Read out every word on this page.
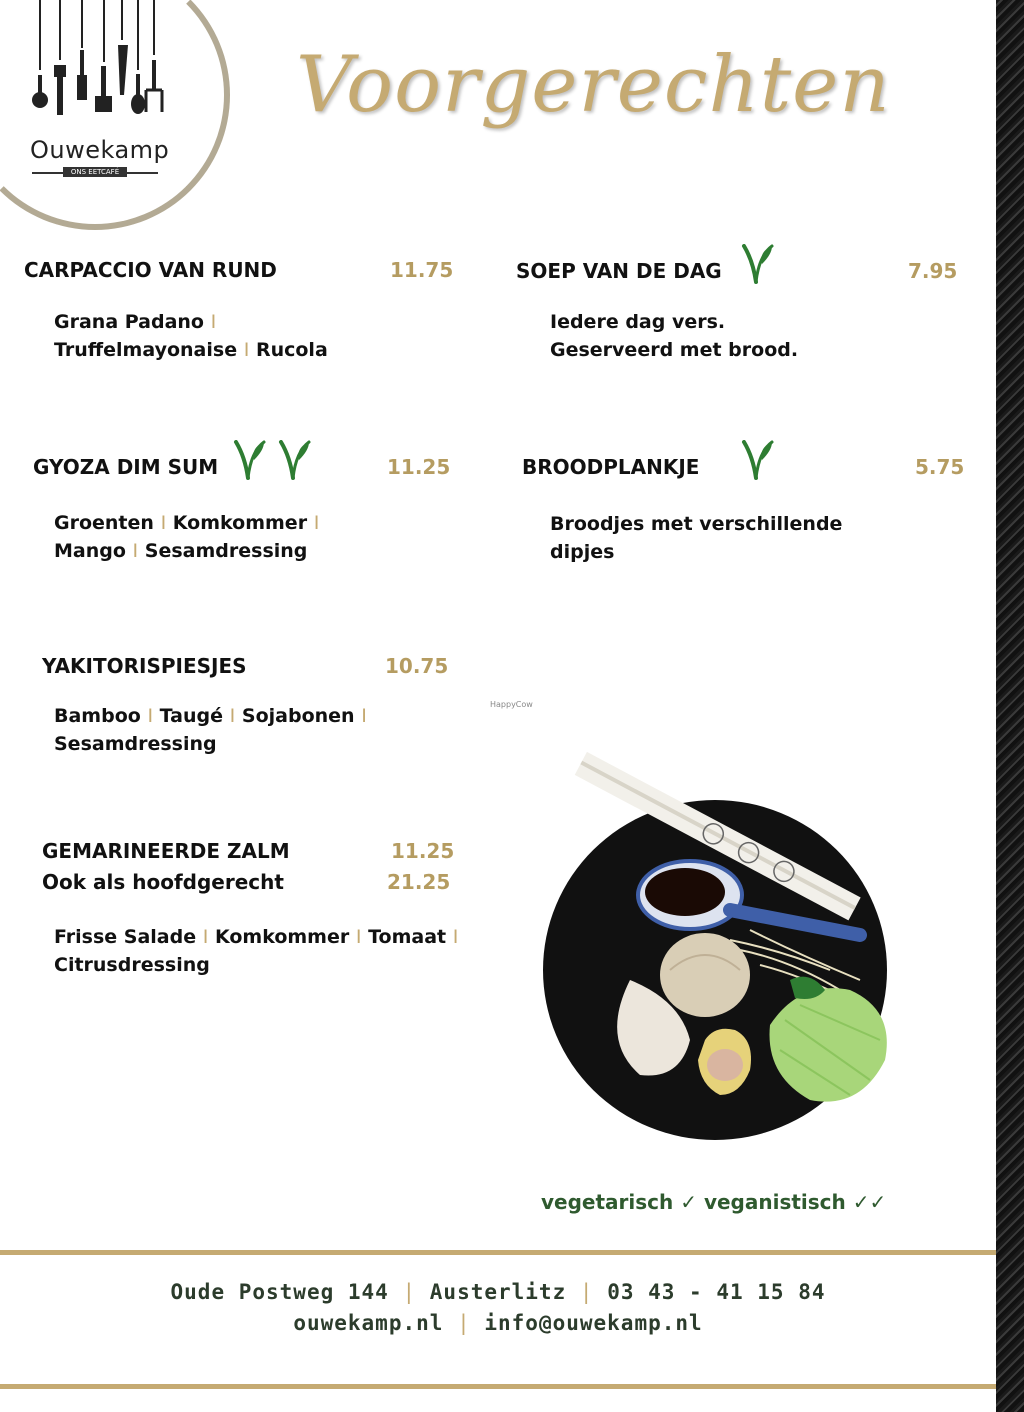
Ouwekamp
ONS EETCAFÉ
Voorgerechten
CARPACCIO VAN RUND	11.75
Grana Padano I
Truffelmayonaise I Rucola
SOEP VAN DE DAG	7.95
Iedere dag vers.
Geserveerd met brood.
GYOZA DIM SUM	11.25
Groenten I Komkommer I
Mango I Sesamdressing
BROODPLANKJE	5.75
Broodjes met verschillende
dipjes
YAKITORISPIESJES	10.75
Bamboo I Taugé I Sojabonen I
Sesamdressing
GEMARINEERDE ZALM	11.25
Ook als hoofdgerecht	21.25
Frisse Salade I Komkommer I Tomaat I
Citrusdressing
HappyCow
vegetarisch ✓ veganistisch ✓✓
Oude Postweg 144 | Austerlitz | 03 43 - 41 15 84
ouwekamp.nl | info@ouwekamp.nl
